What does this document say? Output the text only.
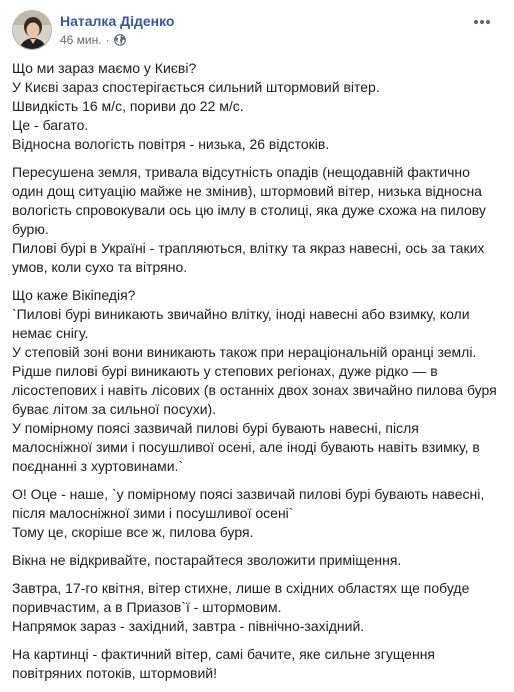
Наталка Діденко
46 мин. ·
Що ми зараз маємо у Києві?
У Києві зараз спостерігається сильний штормовий вітер.
Швидкість 16 м/с, пориви до 22 м/с.
Це - багато.
Відносна вологість повітря - низька, 26 відстоків.
Пересушена земля, тривала відсутність опадів (нещодавній фактично
один дощ ситуацію майже не змінив), штормовий вітер, низька відносна
вологість спровокували ось цю імлу в столиці, яка дуже схожа на пилову
бурю.
Пилові бурі в Україні - трапляються, влітку та якраз навесні, ось за таких
умов, коли сухо та вітряно.
Що каже Вікіпедія?
`Пилові бурі виникають звичайно влітку, іноді навесні або взимку, коли
немає снігу.
У степовій зоні вони виникають також при нераціональній оранці землі.
Рідше пилові бурі виникають у степових регіонах, дуже рідко — в
лісостепових і навіть лісових (в останніх двох зонах звичайно пилова буря
буває літом за сильної посухи).
У помірному поясі зазвичай пилові бурі бувають навесні, після
малосніжної зими і посушливої осені, але іноді бувають навіть взимку, в
поєднанні з хуртовинами.`
О! Оце - наше, `у помірному поясі зазвичай пилові бурі бувають навесні,
після малосніжної зими і посушливої осені`
Тому це, скоріше все ж, пилова буря.
Вікна не відкривайте, постарайтеся зволожити приміщення.
Завтра, 17-го квітня, вітер стихне, лише в східних областях ще побуде
поривчастим, а в Приазов`ї - штормовим.
Напрямок зараз - західний, завтра - північно-західний.
На картинці - фактичний вітер, самі бачите, яке сильне згущення
повітряних потоків, штормовий!
